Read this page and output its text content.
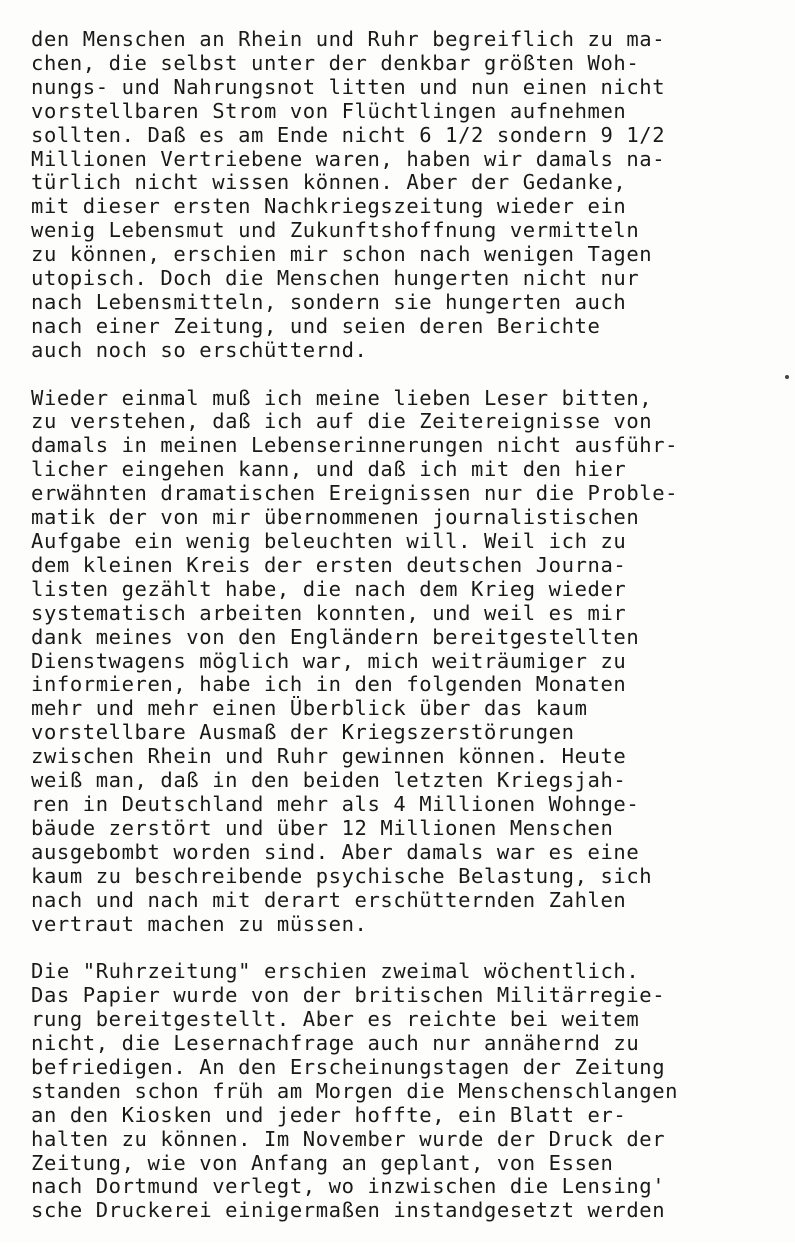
den Menschen an Rhein und Ruhr begreiflich zu ma-
chen, die selbst unter der denkbar größten Woh-
nungs- und Nahrungsnot litten und nun einen nicht
vorstellbaren Strom von Flüchtlingen aufnehmen
sollten. Daß es am Ende nicht 6 1/2 sondern 9 1/2
Millionen Vertriebene waren, haben wir damals na-
türlich nicht wissen können. Aber der Gedanke,
mit dieser ersten Nachkriegszeitung wieder ein
wenig Lebensmut und Zukunftshoffnung vermitteln
zu können, erschien mir schon nach wenigen Tagen
utopisch. Doch die Menschen hungerten nicht nur
nach Lebensmitteln, sondern sie hungerten auch
nach einer Zeitung, und seien deren Berichte
auch noch so erschütternd.
Wieder einmal muß ich meine lieben Leser bitten,
zu verstehen, daß ich auf die Zeitereignisse von
damals in meinen Lebenserinnerungen nicht ausführ-
licher eingehen kann, und daß ich mit den hier
erwähnten dramatischen Ereignissen nur die Proble-
matik der von mir übernommenen journalistischen
Aufgabe ein wenig beleuchten will. Weil ich zu
dem kleinen Kreis der ersten deutschen Journa-
listen gezählt habe, die nach dem Krieg wieder
systematisch arbeiten konnten, und weil es mir
dank meines von den Engländern bereitgestellten
Dienstwagens möglich war, mich weiträumiger zu
informieren, habe ich in den folgenden Monaten
mehr und mehr einen Überblick über das kaum
vorstellbare Ausmaß der Kriegszerstörungen
zwischen Rhein und Ruhr gewinnen können. Heute
weiß man, daß in den beiden letzten Kriegsjah-
ren in Deutschland mehr als 4 Millionen Wohnge-
bäude zerstört und über 12 Millionen Menschen
ausgebombt worden sind. Aber damals war es eine
kaum zu beschreibende psychische Belastung, sich
nach und nach mit derart erschütternden Zahlen
vertraut machen zu müssen.
Die "Ruhrzeitung" erschien zweimal wöchentlich.
Das Papier wurde von der britischen Militärregie-
rung bereitgestellt. Aber es reichte bei weitem
nicht, die Lesernachfrage auch nur annähernd zu
befriedigen. An den Erscheinungstagen der Zeitung
standen schon früh am Morgen die Menschenschlangen
an den Kiosken und jeder hoffte, ein Blatt er-
halten zu können. Im November wurde der Druck der
Zeitung, wie von Anfang an geplant, von Essen
nach Dortmund verlegt, wo inzwischen die Lensing'
sche Druckerei einigermaßen instandgesetzt werden
